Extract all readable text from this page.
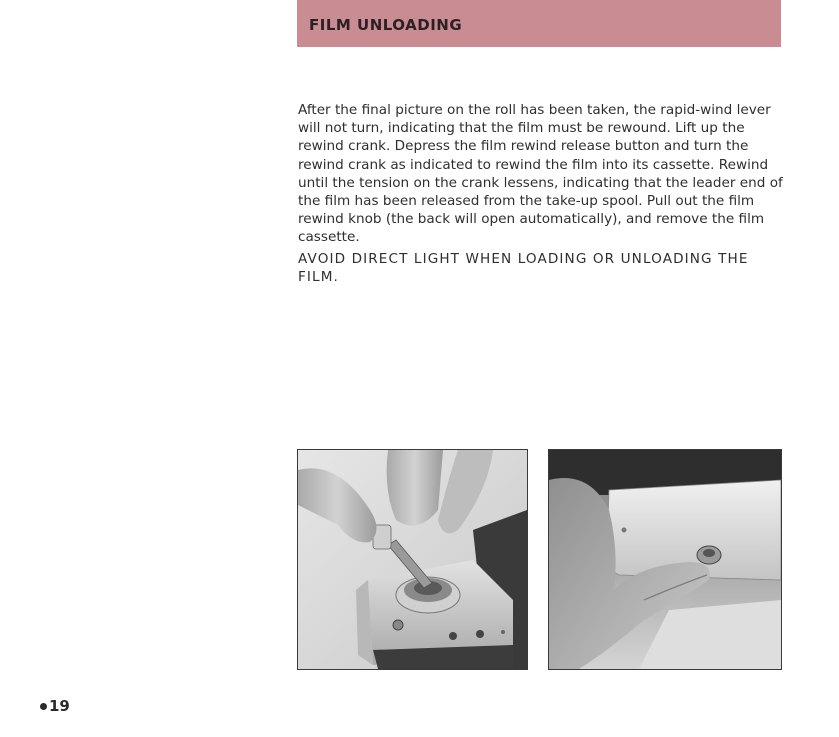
FILM UNLOADING

After the final picture on the roll has been taken, the rapid-wind lever will not turn, indicating that the film must be rewound. Lift up the rewind crank. Depress the film rewind release button and turn the rewind crank as indicated to rewind the film into its cassette. Rewind until the tension on the crank lessens, indicating that the leader end of the film has been released from the take-up spool. Pull out the film rewind knob (the back will open automatically), and remove the film cassette.

AVOID DIRECT LIGHT WHEN LOADING OR UNLOADING THE FILM.
19
